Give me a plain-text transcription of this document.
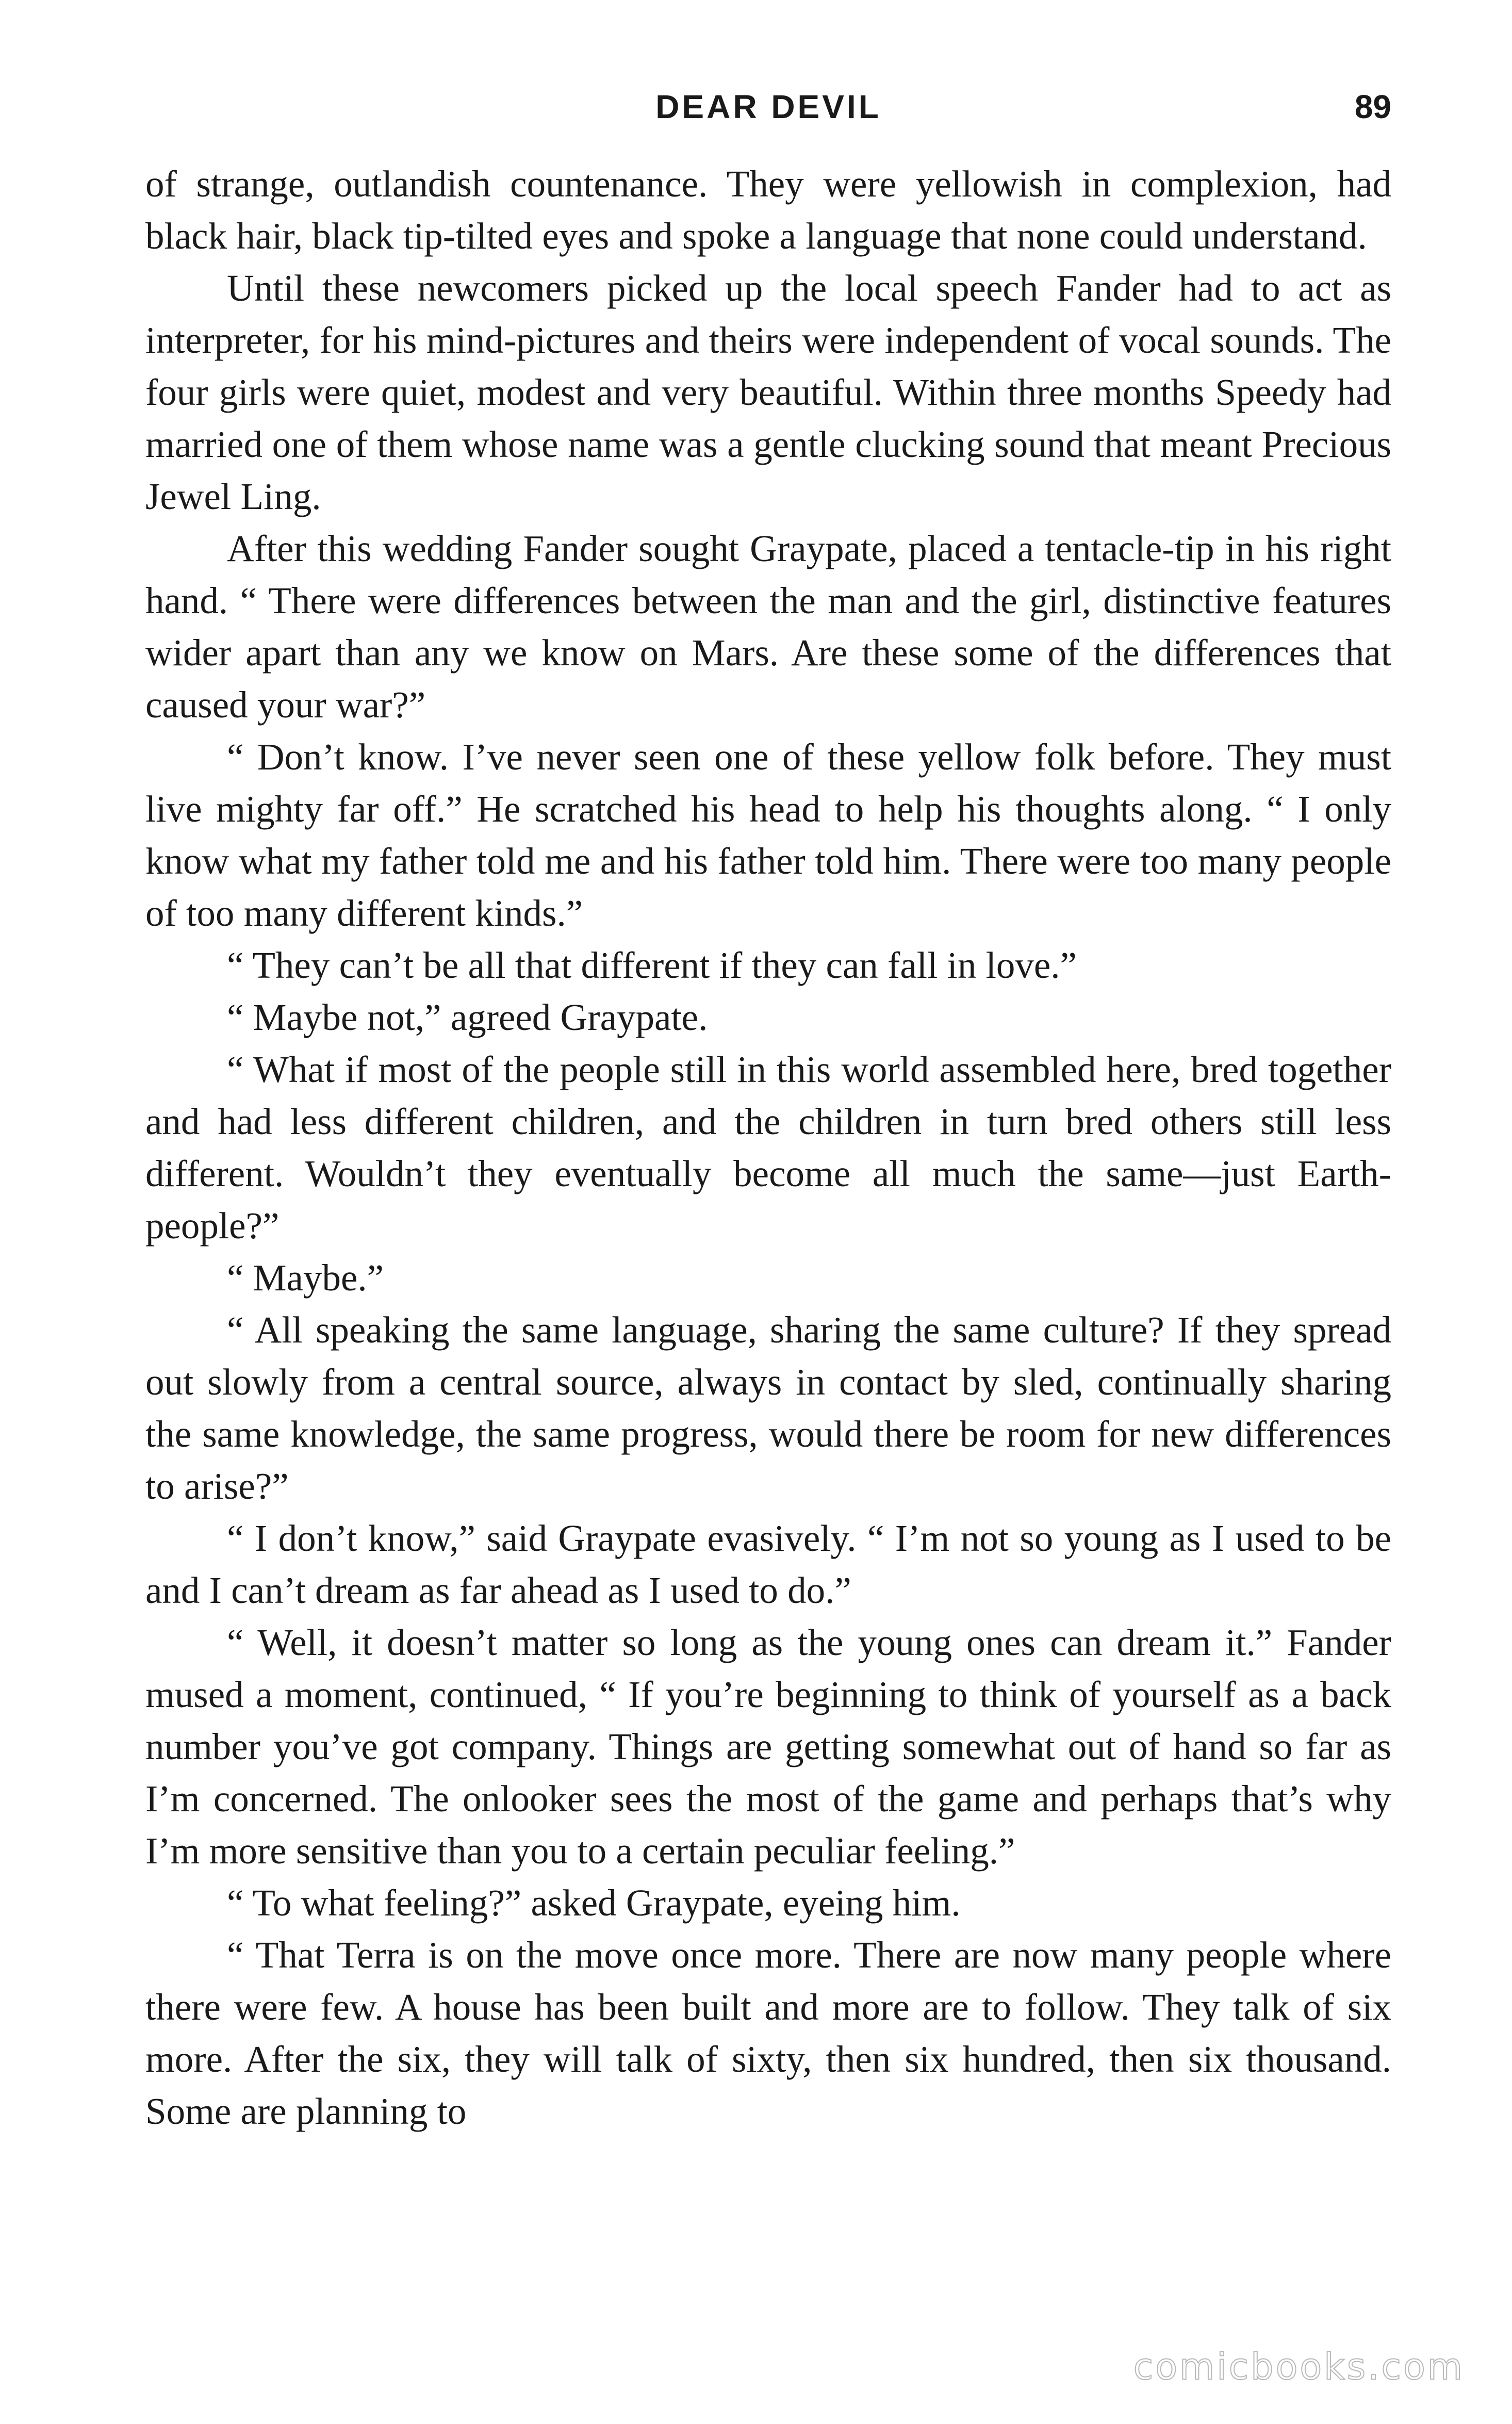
DEAR DEVIL	89

of strange, outlandish countenance. They were yellowish in complexion, had black hair, black tip-tilted eyes and spoke a language that none could understand.

Until these newcomers picked up the local speech Fander had to act as interpreter, for his mind-pictures and theirs were independent of vocal sounds. The four girls were quiet, modest and very beautiful. Within three months Speedy had married one of them whose name was a gentle clucking sound that meant Precious Jewel Ling.

After this wedding Fander sought Graypate, placed a tentacle-tip in his right hand. “ There were differences between the man and the girl, distinctive features wider apart than any we know on Mars. Are these some of the differences that caused your war?”

“ Don’t know. I’ve never seen one of these yellow folk before. They must live mighty far off.” He scratched his head to help his thoughts along. “ I only know what my father told me and his father told him. There were too many people of too many different kinds.”

“ They can’t be all that different if they can fall in love.”

“ Maybe not,” agreed Graypate.

“ What if most of the people still in this world assembled here, bred together and had less different children, and the children in turn bred others still less different. Wouldn’t they eventually become all much the same—just Earth-people?”

“ Maybe.”

“ All speaking the same language, sharing the same culture? If they spread out slowly from a central source, always in contact by sled, continually sharing the same knowledge, the same progress, would there be room for new differences to arise?”

“ I don’t know,” said Graypate evasively. “ I’m not so young as I used to be and I can’t dream as far ahead as I used to do.”

“ Well, it doesn’t matter so long as the young ones can dream it.” Fander mused a moment, continued, “ If you’re beginning to think of yourself as a back number you’ve got company. Things are getting somewhat out of hand so far as I’m concerned. The onlooker sees the most of the game and perhaps that’s why I’m more sensitive than you to a certain peculiar feeling.”

“ To what feeling?” asked Graypate, eyeing him.

“ That Terra is on the move once more. There are now many people where there were few. A house has been built and more are to follow. They talk of six more. After the six, they will talk of sixty, then six hundred, then six thousand. Some are planning to

comicbooks.com
